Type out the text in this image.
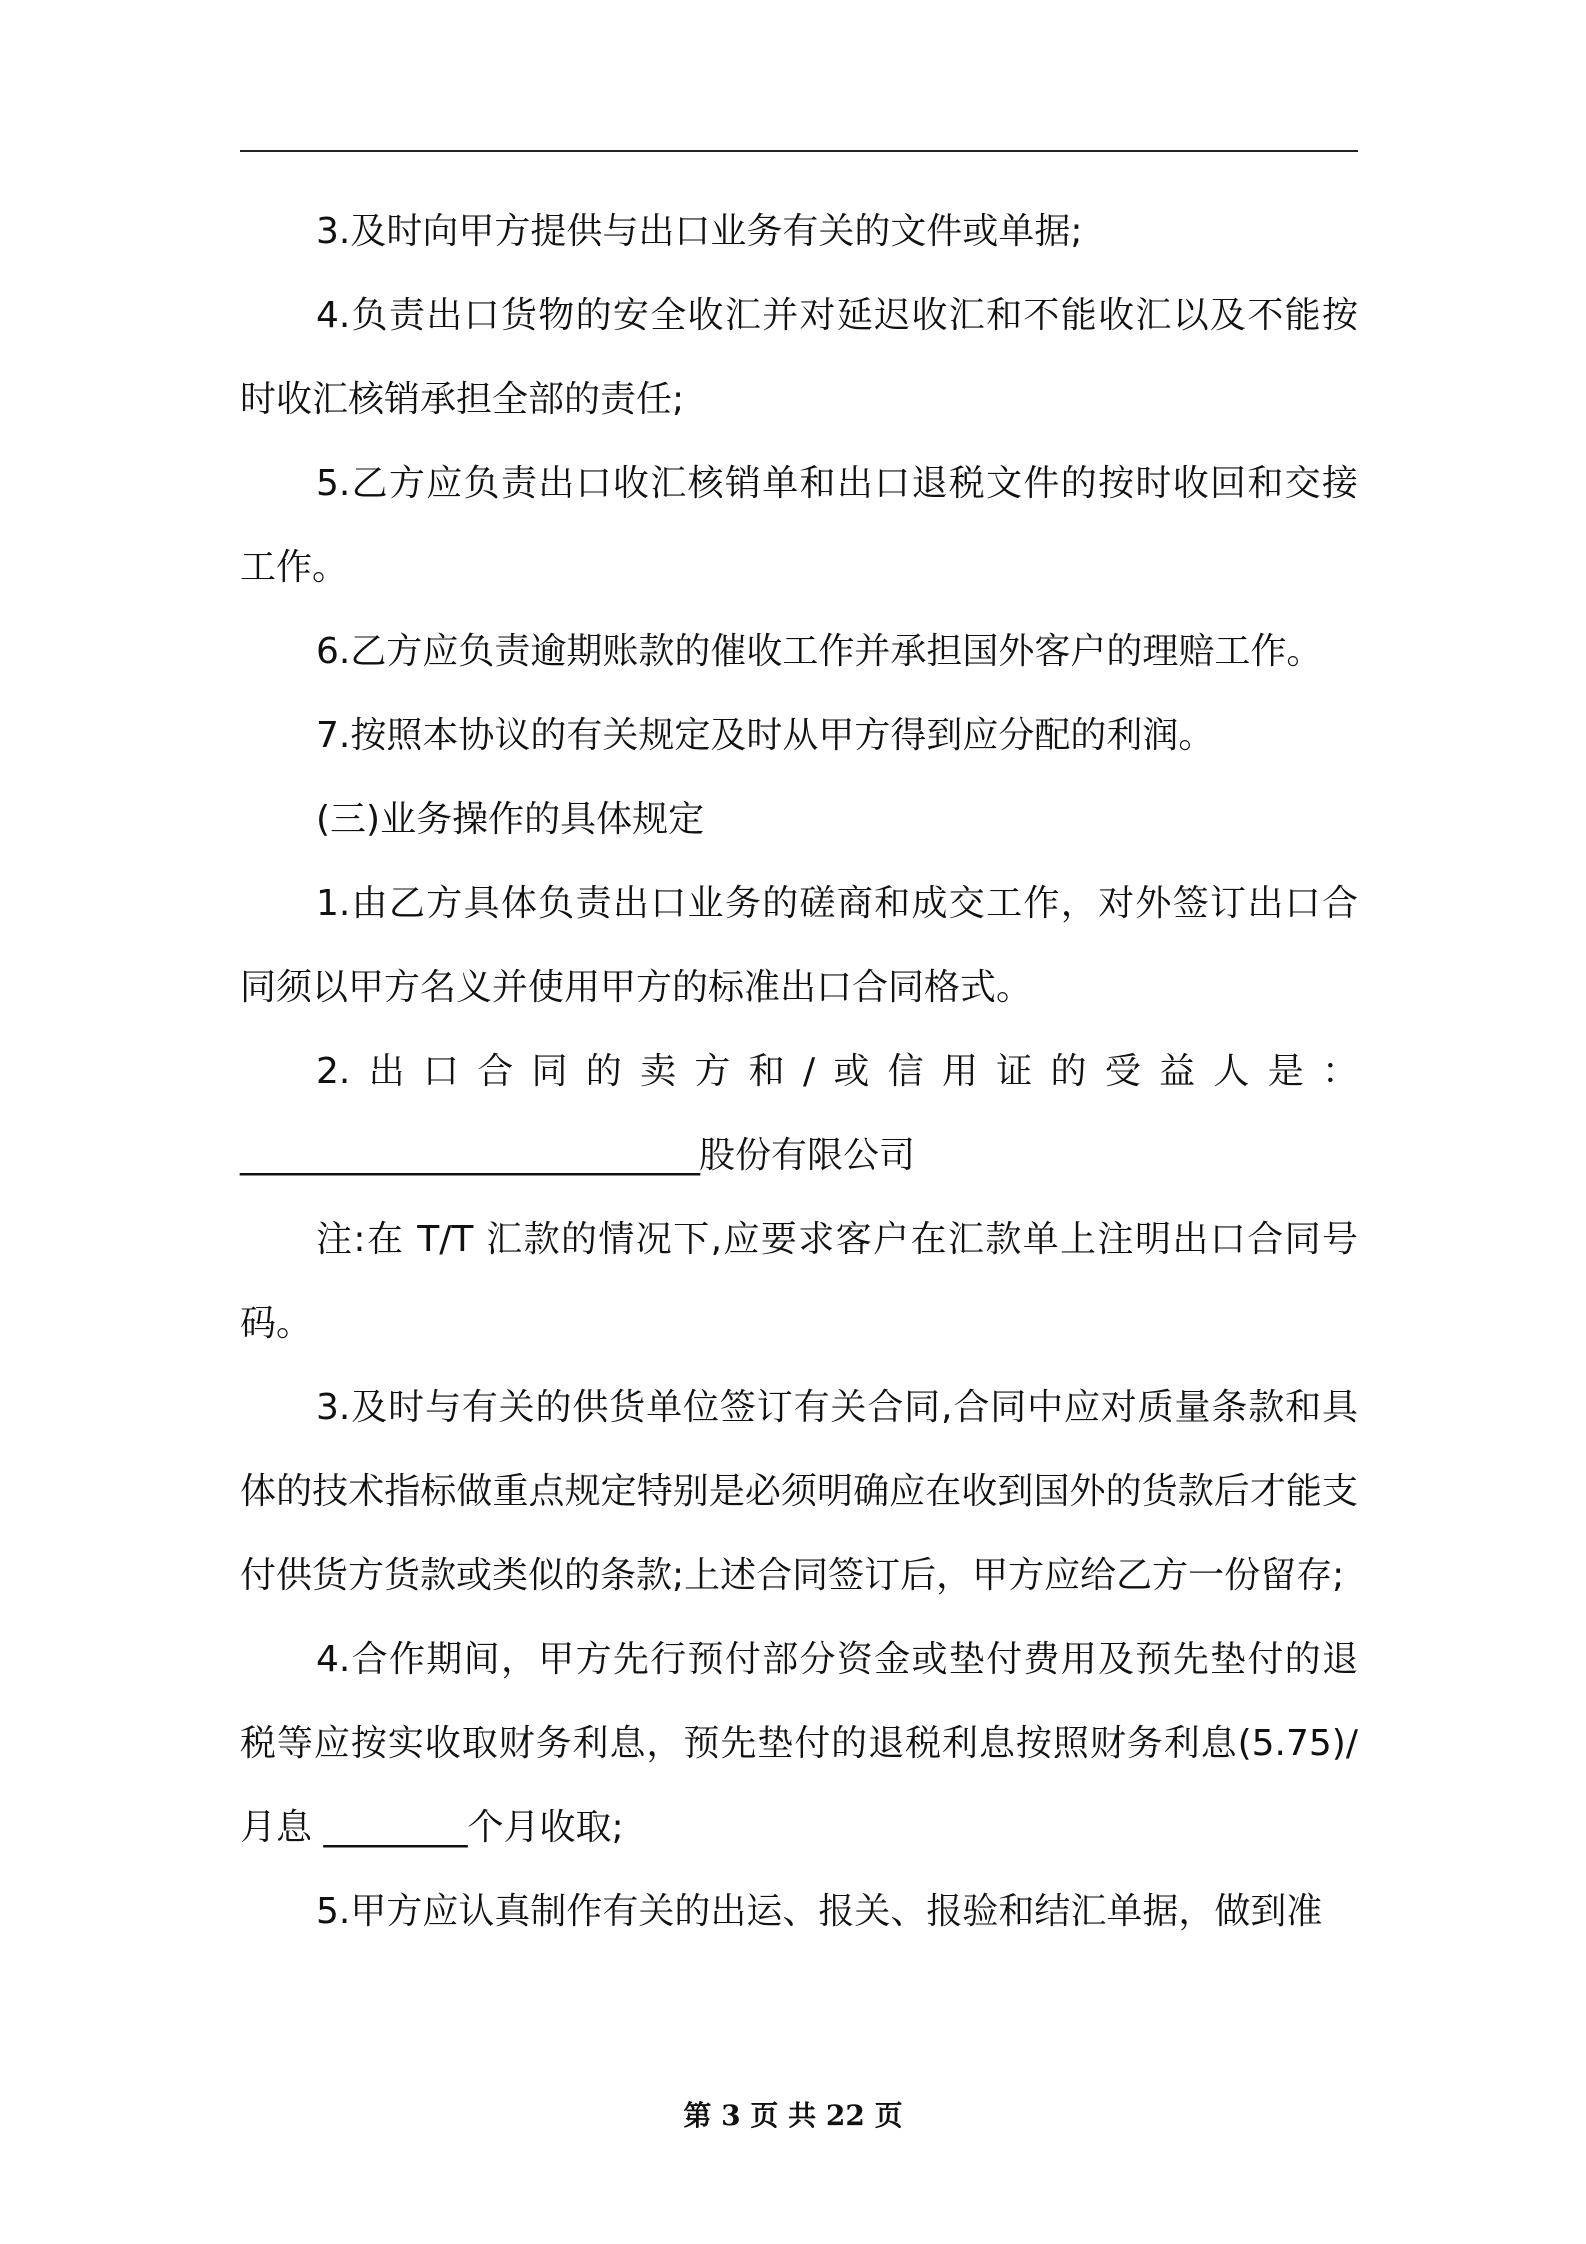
3.及时向甲方提供与出口业务有关的文件或单据;

4.负责出口货物的安全收汇并对延迟收汇和不能收汇以及不能按时收汇核销承担全部的责任;

5.乙方应负责出口收汇核销单和出口退税文件的按时收回和交接工作。

6.乙方应负责逾期账款的催收工作并承担国外客户的理赔工作。

7.按照本协议的有关规定及时从甲方得到应分配的利润。

(三)业务操作的具体规定

1.由乙方具体负责出口业务的磋商和成交工作，对外签订出口合同须以甲方名义并使用甲方的标准出口合同格式。

2.出口合同的卖方和/或信用证的受益人是：

___________________________股份有限公司

注:在 T/T 汇款的情况下,应要求客户在汇款单上注明出口合同号码。

3.及时与有关的供货单位签订有关合同,合同中应对质量条款和具体的技术指标做重点规定特别是必须明确应在收到国外的货款后才能支付供货方货款或类似的条款;上述合同签订后，甲方应给乙方一份留存;

4.合作期间，甲方先行预付部分资金或垫付费用及预先垫付的退税等应按实收取财务利息，预先垫付的退税利息按照财务利息(5.75)/月息 ________个月收取;

5.甲方应认真制作有关的出运、报关、报验和结汇单据，做到准

第 3 页 共 22 页
